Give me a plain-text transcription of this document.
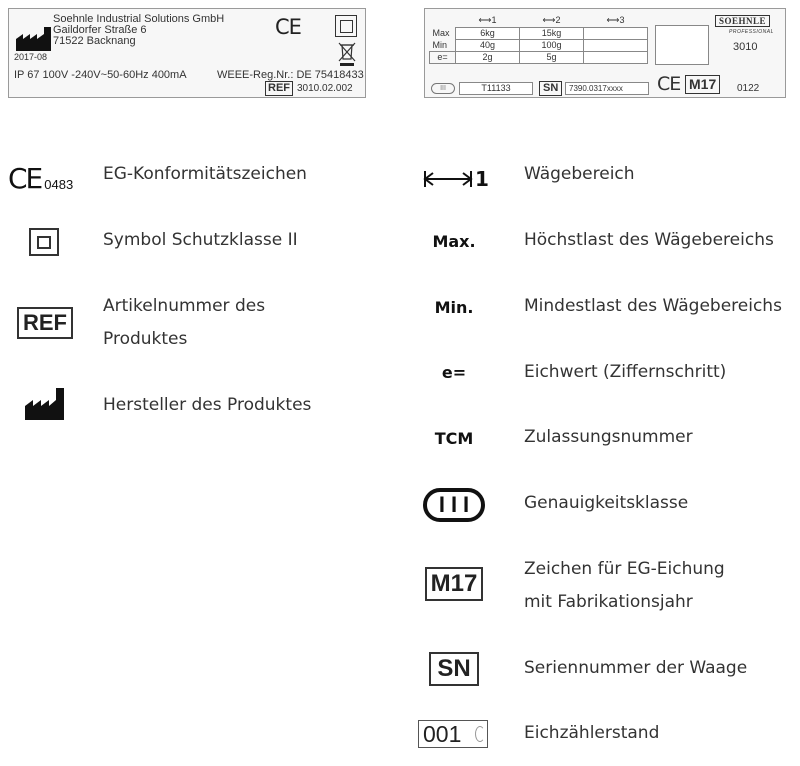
Soehnle Industrial Solutions GmbH
Gaildorfer Straße 6
71522 Backnang
2017-08
CE
IP 67 100V -240V~50-60Hz 400mA	WEEE-Reg.Nr.: DE 75418433
REF 3010.02.002
	⟷1	⟷2	⟷3
Max	6kg	15kg	
Min	40g	100g	
e=	2g	5g	
SOEHNLE
PROFESSIONAL
3010
III	T11133	SN	7390.0317xxxx	CE M17	0122
CE 0483 EG-Konformitätszeichen
Symbol Schutzklasse II
REF
Artikelnummer des
Produktes
Hersteller des Produktes
1 Wägebereich
Max.	Höchstlast des Wägebereichs
Min.	Mindestlast des Wägebereichs
e=	Eichwert (Ziffernschritt)
TCM	Zulassungsnummer
III	Genauigkeitsklasse
M17
Zeichen für EG-Eichung
mit Fabrikationsjahr
SN	Seriennummer der Waage
001	Eichzählerstand
